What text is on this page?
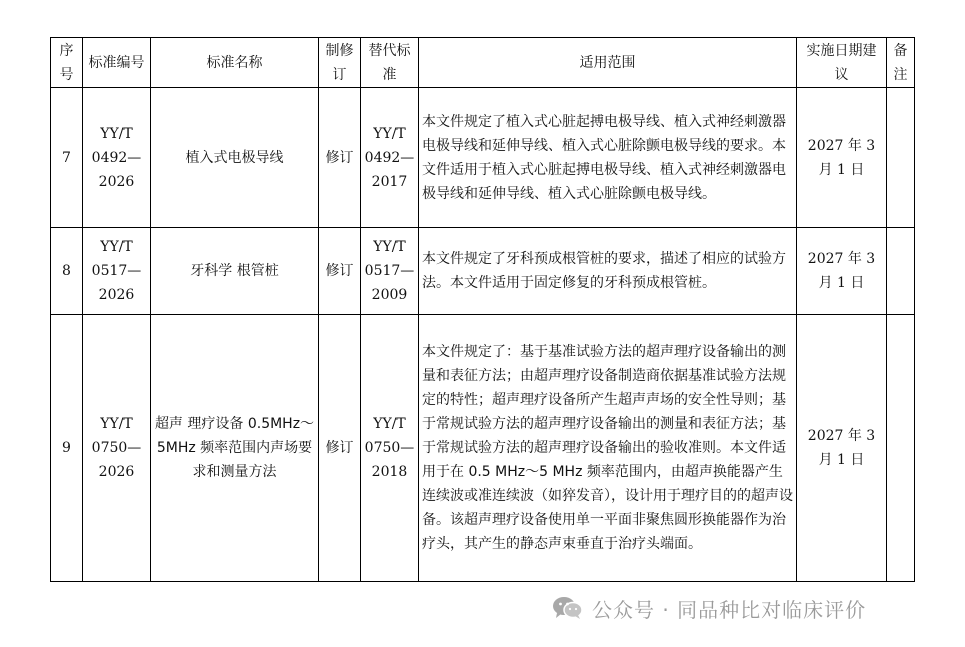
序号	标准编号	标准名称	制修订	替代标准	适用范围	实施日期建议	备注
7	YY/T 0492—2026	植入式电极导线	修订	YY/T 0492—2017	本文件规定了植入式心脏起搏电极导线、植入式神经刺激器电极导线和延伸导线、植入式心脏除颤电极导线的要求。本文件适用于植入式心脏起搏电极导线、植入式神经刺激器电极导线和延伸导线、植入式心脏除颤电极导线。	2027 年 3 月 1 日	
8	YY/T 0517—2026	牙科学 根管桩	修订	YY/T 0517—2009	本文件规定了牙科预成根管桩的要求，描述了相应的试验方法。本文件适用于固定修复的牙科预成根管桩。	2027 年 3 月 1 日	
9	YY/T 0750—2026	超声 理疗设备 0.5MHz～5MHz 频率范围内声场要求和测量方法	修订	YY/T 0750—2018	本文件规定了：基于基准试验方法的超声理疗设备输出的测量和表征方法；由超声理疗设备制造商依据基准试验方法规定的特性；超声理疗设备所产生超声声场的安全性导则；基于常规试验方法的超声理疗设备输出的测量和表征方法；基于常规试验方法的超声理疗设备输出的验收准则。本文件适用于在 0.5 MHz～5 MHz 频率范围内，由超声换能器产生连续波或准连续波（如猝发音），设计用于理疗目的的超声设备。该超声理疗设备使用单一平面非聚焦圆形换能器作为治疗头，其产生的静态声束垂直于治疗头端面。	2027 年 3 月 1 日	
公众号 · 同品种比对临床评价
